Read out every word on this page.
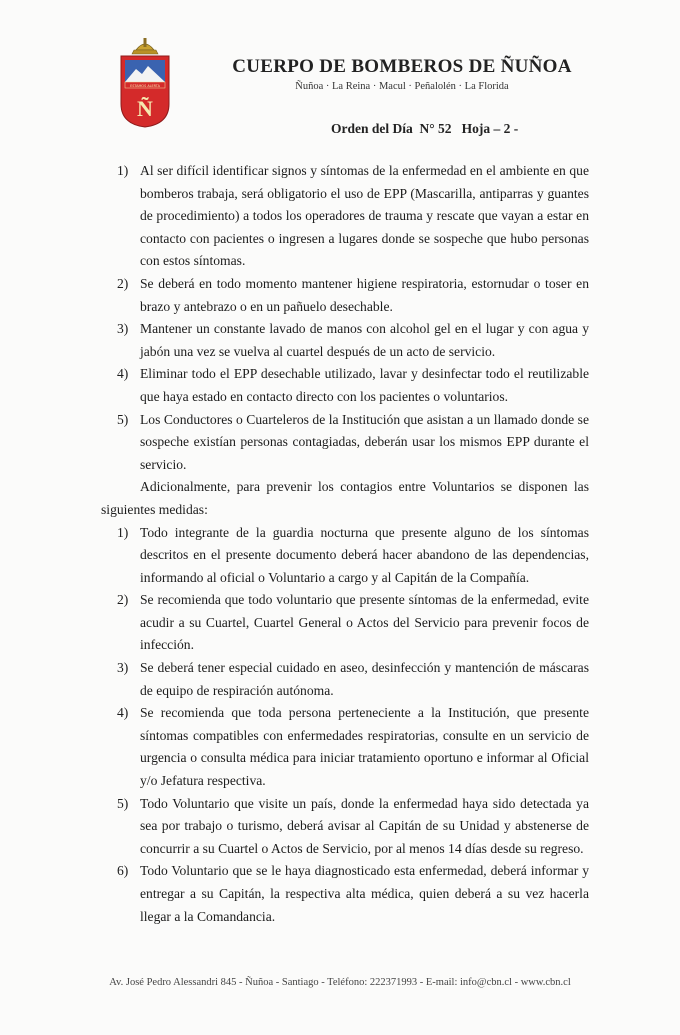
ESTAMOS ALERTA
Ñ
CUERPO DE BOMBEROS DE ÑUÑOA
Ñuñoa · La Reina · Macul · Peñalolén · La Florida
Orden del Día  N° 52   Hoja – 2 -
1) Al ser difícil identificar signos y síntomas de la enfermedad en el ambiente en que bomberos trabaja, será obligatorio el uso de EPP (Mascarilla, antiparras y guantes de procedimiento) a todos los operadores de trauma y rescate que vayan a estar en contacto con pacientes o ingresen a lugares donde se sospeche que hubo personas con estos síntomas.

2) Se deberá en todo momento mantener higiene respiratoria, estornudar o toser en brazo y antebrazo o en un pañuelo desechable.

3) Mantener un constante lavado de manos con alcohol gel en el lugar y con agua y jabón una vez se vuelva al cuartel después de un acto de servicio.

4) Eliminar todo el EPP desechable utilizado, lavar y desinfectar todo el reutilizable que haya estado en contacto directo con los pacientes o voluntarios.

5) Los Conductores o Cuarteleros de la Institución que asistan a un llamado donde se sospeche existían personas contagiadas, deberán usar los mismos EPP durante el servicio.

Adicionalmente, para prevenir los contagios entre Voluntarios se disponen las siguientes medidas:

1) Todo integrante de la guardia nocturna que presente alguno de los síntomas descritos en el presente documento deberá hacer abandono de las dependencias, informando al oficial o Voluntario a cargo y al Capitán de la Compañía.

2) Se recomienda que todo voluntario que presente síntomas de la enfermedad, evite acudir a su Cuartel, Cuartel General o Actos del Servicio para prevenir focos de infección.

3) Se deberá tener especial cuidado en aseo, desinfección y mantención de máscaras de equipo de respiración autónoma.

4) Se recomienda que toda persona perteneciente a la Institución, que presente síntomas compatibles con enfermedades respiratorias, consulte en un servicio de urgencia o consulta médica para iniciar tratamiento oportuno e informar al Oficial y/o Jefatura respectiva.

5) Todo Voluntario que visite un país, donde la enfermedad haya sido detectada ya sea por trabajo o turismo, deberá avisar al Capitán de su Unidad y abstenerse de concurrir a su Cuartel o Actos de Servicio, por al menos 14 días desde su regreso.

6) Todo Voluntario que se le haya diagnosticado esta enfermedad, deberá informar y entregar a su Capitán, la respectiva alta médica, quien deberá a su vez hacerla llegar a la Comandancia.

Av. José Pedro Alessandri 845 - Ñuñoa - Santiago - Teléfono: 222371993 - E-mail: info@cbn.cl - www.cbn.cl
